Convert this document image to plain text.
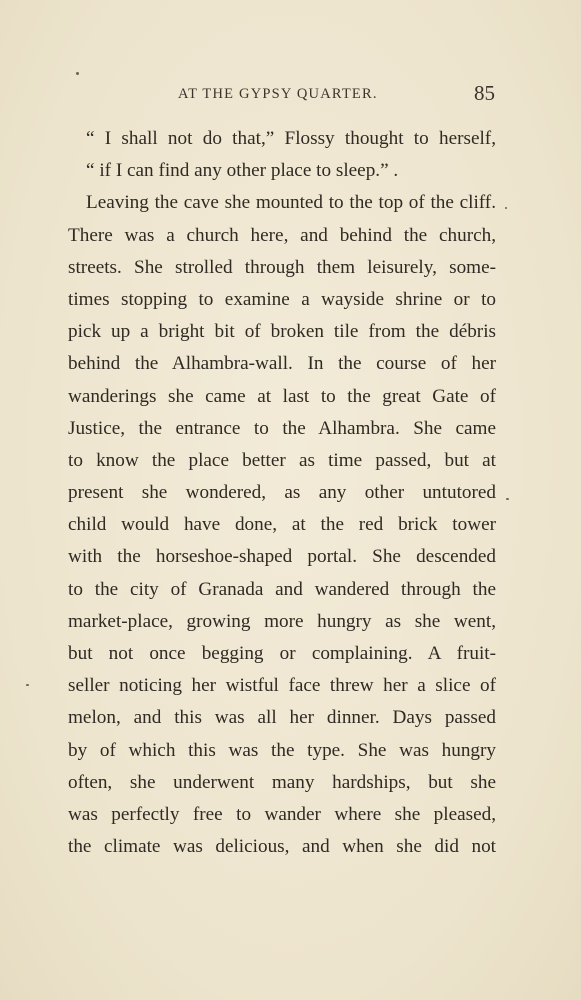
AT THE GYPSY QUARTER.	85
“ I shall not do that,” Flossy thought to herself,
“ if I can find any other place to sleep.” .
Leaving the cave she mounted to the top of the cliff.
There was a church here, and behind the church,
streets. She strolled through them leisurely, some-
times stopping to examine a wayside shrine or to
pick up a bright bit of broken tile from the débris
behind the Alhambra-wall. In the course of her
wanderings she came at last to the great Gate of
Justice, the entrance to the Alhambra. She came
to know the place better as time passed, but at
present she wondered, as any other untutored
child would have done, at the red brick tower
with the horseshoe-shaped portal. She descended
to the city of Granada and wandered through the
market-place, growing more hungry as she went,
but not once begging or complaining. A fruit-
seller noticing her wistful face threw her a slice of
melon, and this was all her dinner. Days passed
by of which this was the type. She was hungry
often, she underwent many hardships, but she
was perfectly free to wander where she pleased,
the climate was delicious, and when she did not
